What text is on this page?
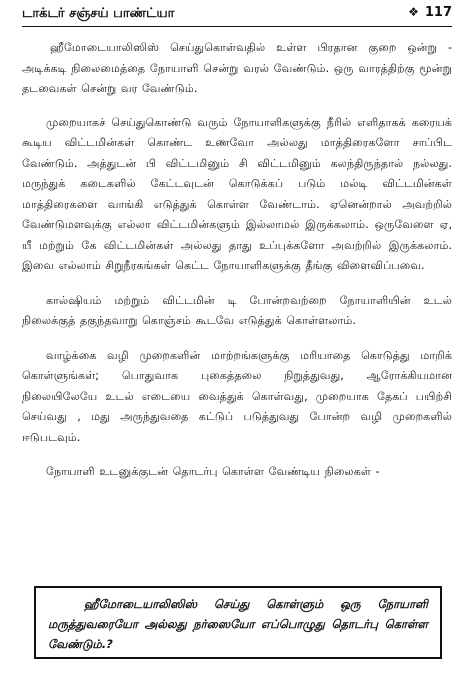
டாக்டர் சஞ்சய் பாண்ட்யா	❖ 117

ஹீமோடையாலிஸிஸ் செய்துகொள்வதில் உள்ள பிரதான குறை ஒன்று - அடிக்கடி நிலைமைத்தை நோயாளி சென்று வரல் வேண்டும். ஒரு வாரத்திற்கு மூன்று தடவைகள் சென்று வர வேண்டும்.

முறையாகச் செய்துகொண்டு வரும் நோயாளிகளுக்கு நீரில் எளிதாகக் கரையக் கூடிய விட்டமின்கள் கொண்ட உணவோ அல்லது மாத்திரைகளோ சாப்பிட வேண்டும். அத்துடன் பி விட்டமினும் சி விட்டமினும் கலந்திருந்தால் நல்லது. மருந்துக் கடைகளில் கேட்டவுடன் கொடுக்கப் படும் மல்டி விட்டமின்கள் மாத்திரைகளை வாங்கி எடுத்துக் கொள்ள வேண்டாம். ஏனென்றால் அவற்றில் வேண்டுமளவுக்கு எல்லா விட்டமின்களும் இல்லாமல் இருக்கலாம். ஒருவேளை ஏ, யீ மற்றும் கே விட்டமின்கள் அல்லது தாது உப்புக்களோ அவற்றில் இருக்கலாம். இவை எல்லாம் சிறுநீரகங்கள் கெட்ட நோயாளிகளுக்கு தீங்கு விளைவிப்பவை.

கால்ஷியம் மற்றும் விட்டமின் டி போன்றவற்றை நோயாளியின் உடல் நிலைக்குத் தகுந்தவாறு கொஞ்சம் கூடவே எடுத்துக் கொள்ளலாம்.

வாழ்க்கை வழி முறைகளின் மாற்றங்களுக்கு மரியாதை கொடுத்து மாறிக் கொள்ளுங்கள்; பொதுவாக புகைத்தலை நிறுத்துவது, ஆரோக்கியமான நிலையிலேயே உடல் எடையை வைத்துக் கொள்வது, முறையாக தேகப் பயிற்சி செய்வது , மது அருந்துவதை கட்டுப் படுத்துவது போன்ற வழி முறைகளில் ஈடுபடவும்.

நோயாளி உடனுக்குடன் தொடர்பு கொள்ள வேண்டிய நிலைகள் -

ஹீமோடையாலிஸிஸ் செய்து கொள்ளும் ஒரு நோயாளி மருத்துவரையோ அல்லது நர்ஸையோ எப்பொழுது தொடர்பு கொள்ள வேண்டும்.?
